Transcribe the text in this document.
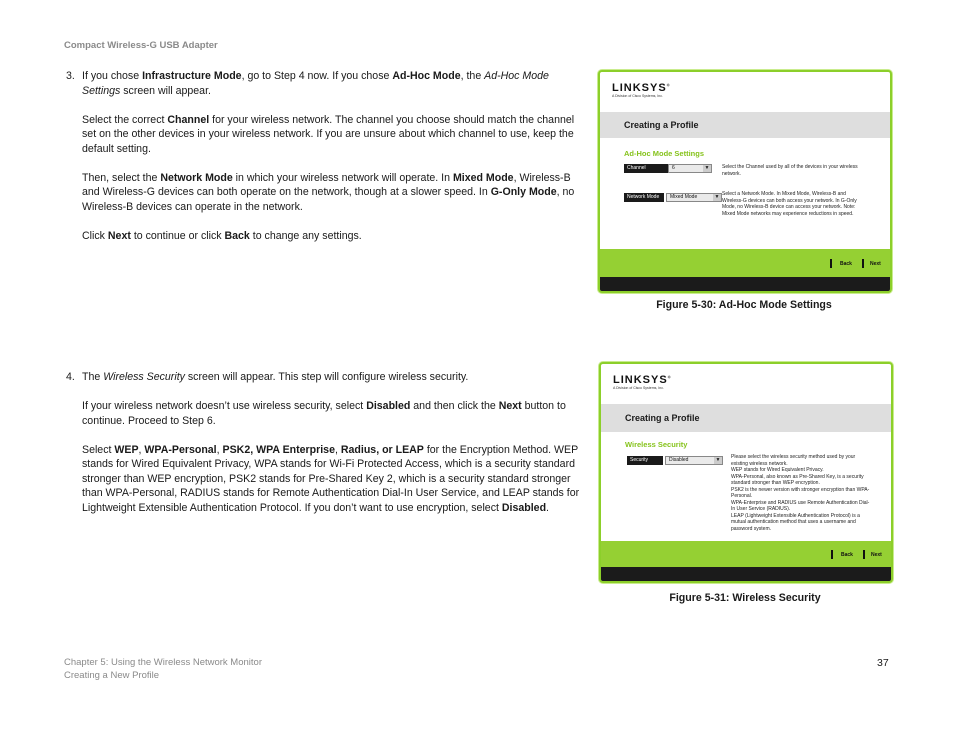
Compact Wireless-G USB Adapter
3. If you chose Infrastructure Mode, go to Step 4 now. If you chose Ad-Hoc Mode, the Ad-Hoc Mode Settings screen will appear.

Select the correct Channel for your wireless network. The channel you choose should match the channel set on the other devices in your wireless network. If you are unsure about which channel to use, keep the default setting.

Then, select the Network Mode in which your wireless network will operate. In Mixed Mode, Wireless-B and Wireless-G devices can both operate on the network, though at a slower speed. In G-Only Mode, no Wireless-B devices can operate in the network.

Click Next to continue or click Back to change any settings.

LINKSYS®
A Division of Cisco Systems, Inc.
Creating a Profile
Ad-Hoc Mode Settings
Channel	6	▼	Select the Channel used by all of the devices in your wireless network.
Network Mode	Mixed Mode	▼ Select a Network Mode. In Mixed Mode, Wireless-B and Wireless-G devices can both access your network. In G-Only Mode, no Wireless-B device can access your network. Note: Mixed Mode networks may experience reductions in speed.
Back	Next
Figure 5-30: Ad-Hoc Mode Settings
4. The Wireless Security screen will appear. This step will configure wireless security.

If your wireless network doesn’t use wireless security, select Disabled and then click the Next button to continue. Proceed to Step 6.

Select WEP, WPA-Personal, PSK2, WPA Enterprise, Radius, or LEAP for the Encryption Method. WEP stands for Wired Equivalent Privacy, WPA stands for Wi-Fi Protected Access, which is a security standard stronger than WEP encryption, PSK2 stands for Pre-Shared Key 2, which is a security standard stronger than WPA-Personal, RADIUS stands for Remote Authentication Dial-In User Service, and LEAP stands for Lightweight Extensible Authentication Protocol. If you don’t want to use encryption, select Disabled.

LINKSYS®
A Division of Cisco Systems, Inc.
Creating a Profile
Wireless Security
Security	Disabled	▼	Please select the wireless security method used by your existing wireless network.
WEP stands for Wired Equivalent Privacy.
WPA-Personal, also known as Pre-Shared Key, is a security standard stronger than WEP encryption.
PSK2 is the newer version with stronger encryption than WPA-Personal.
WPA-Enterprise and RADIUS use Remote Authentication Dial-In User Service (RADIUS).
LEAP (Lightweight Extensible Authentication Protocol) is a mutual authentication method that uses a username and password system.
Back	Next
Figure 5-31: Wireless Security
Chapter 5: Using the Wireless Network Monitor
Creating a New Profile
37
